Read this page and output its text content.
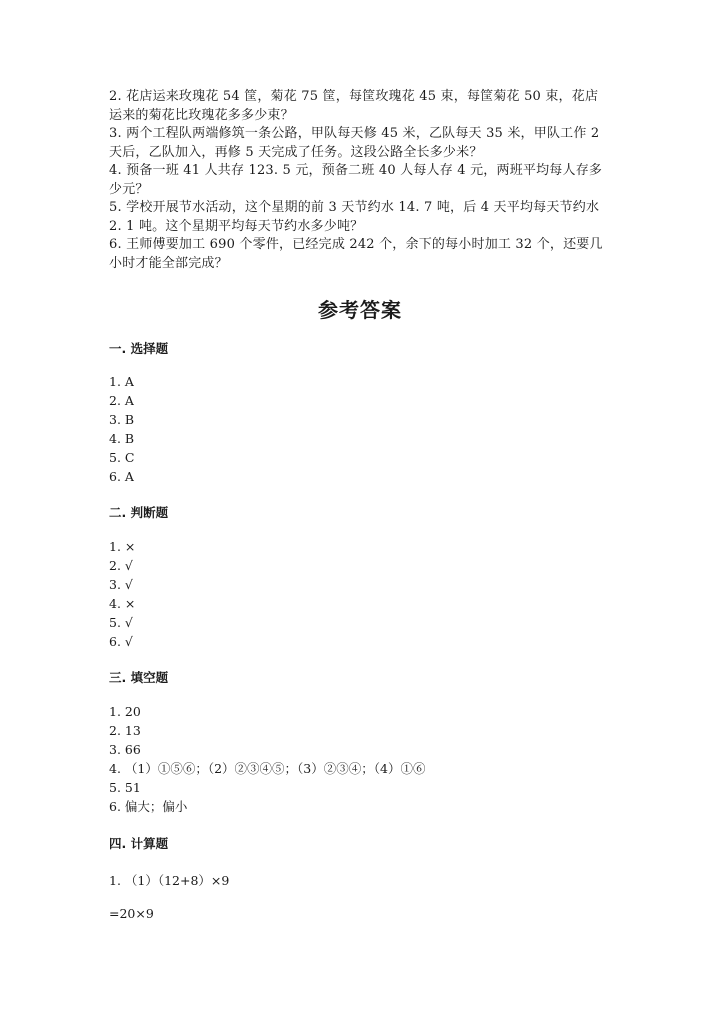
2. 花店运来玫瑰花 54 筐，菊花 75 筐，每筐玫瑰花 45 束，每筐菊花 50 束，花店运来的菊花比玫瑰花多多少束？

3. 两个工程队两端修筑一条公路，甲队每天修 45 米，乙队每天 35 米，甲队工作 2 天后，乙队加入，再修 5 天完成了任务。这段公路全长多少米？

4. 预备一班 41 人共存 123. 5 元，预备二班 40 人每人存 4 元，两班平均每人存多少元？

5. 学校开展节水活动，这个星期的前 3 天节约水 14. 7 吨，后 4 天平均每天节约水 2. 1 吨。这个星期平均每天节约水多少吨？

6. 王师傅要加工 690 个零件，已经完成 242 个，余下的每小时加工 32 个，还要几小时才能全部完成？

参考答案

一. 选择题

1. A
2. A
3. B
4. B
5. C
6. A

二. 判断题

1. ×
2. √
3. √
4. ×
5. √
6. √

三. 填空题

1. 20
2. 13
3. 66
4. （1）①⑤⑥；（2）②③④⑤；（3）②③④；（4）①⑥
5. 51
6. 偏大；偏小

四. 计算题

1. （1）（12+8）×9

=20×9
